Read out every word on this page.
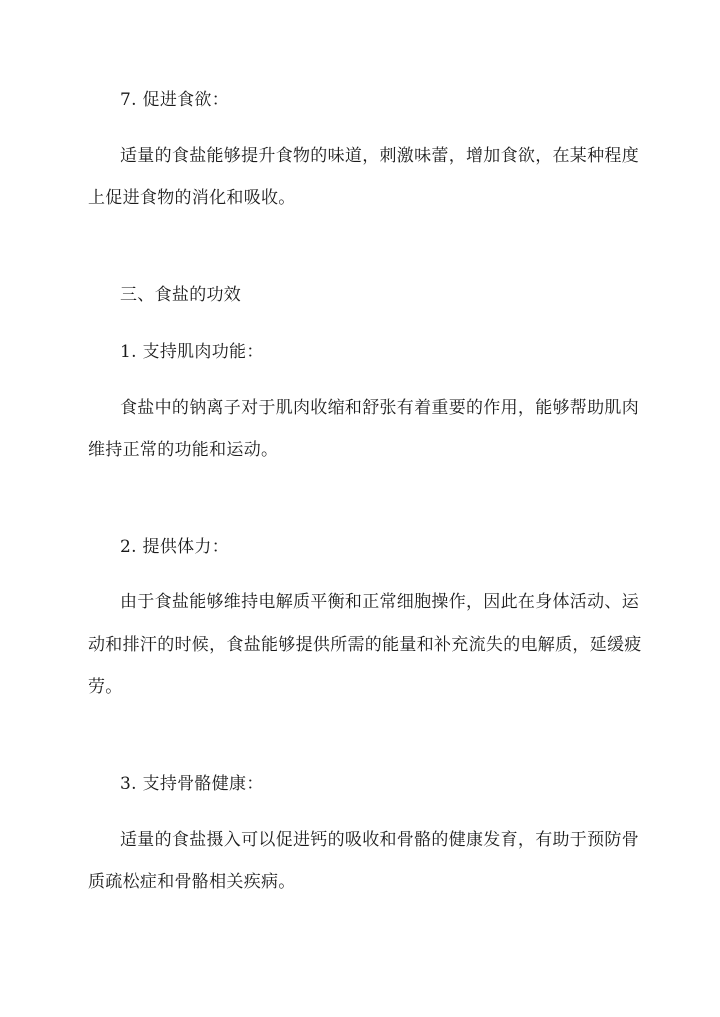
7. 促进食欲：
适量的食盐能够提升食物的味道，刺激味蕾，增加食欲，在某种程度
上促进食物的消化和吸收。
三、食盐的功效
1. 支持肌肉功能：
食盐中的钠离子对于肌肉收缩和舒张有着重要的作用，能够帮助肌肉
维持正常的功能和运动。
2. 提供体力：
由于食盐能够维持电解质平衡和正常细胞操作，因此在身体活动、运
动和排汗的时候，食盐能够提供所需的能量和补充流失的电解质，延缓疲
劳。
3. 支持骨骼健康：
适量的食盐摄入可以促进钙的吸收和骨骼的健康发育，有助于预防骨
质疏松症和骨骼相关疾病。
